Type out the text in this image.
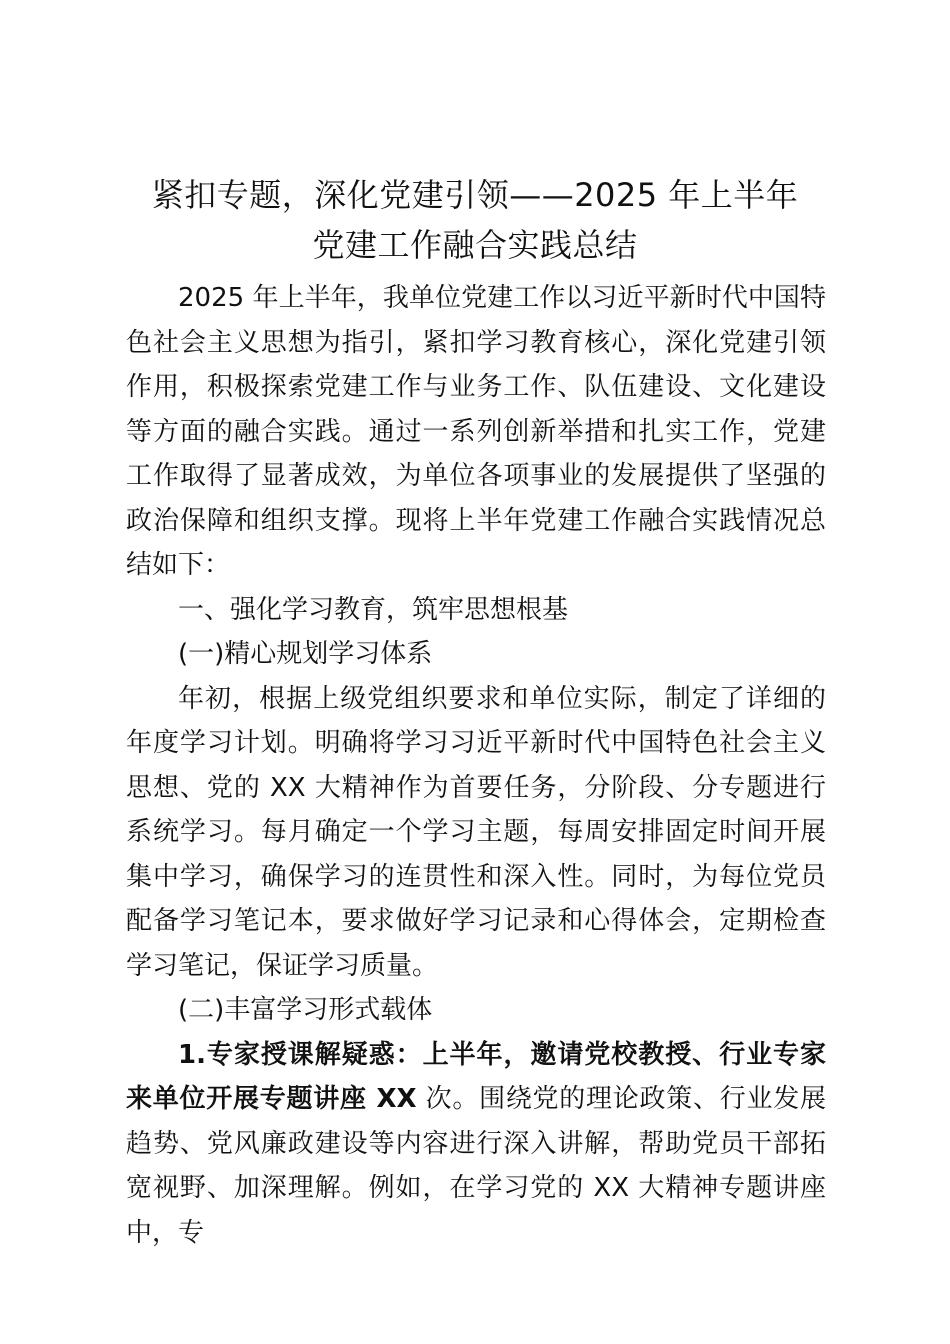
紧扣专题，深化党建引领——2025 年上半年
党建工作融合实践总结

2025 年上半年，我单位党建工作以习近平新时代中国特色社会主义思想为指引，紧扣学习教育核心，深化党建引领作用，积极探索党建工作与业务工作、队伍建设、文化建设等方面的融合实践。通过一系列创新举措和扎实工作，党建工作取得了显著成效，为单位各项事业的发展提供了坚强的政治保障和组织支撑。现将上半年党建工作融合实践情况总结如下：

一、强化学习教育，筑牢思想根基

(一)精心规划学习体系

年初，根据上级党组织要求和单位实际，制定了详细的年度学习计划。明确将学习习近平新时代中国特色社会主义思想、党的 XX 大精神作为首要任务，分阶段、分专题进行系统学习。每月确定一个学习主题，每周安排固定时间开展集中学习，确保学习的连贯性和深入性。同时，为每位党员配备学习笔记本，要求做好学习记录和心得体会，定期检查学习笔记，保证学习质量。

(二)丰富学习形式载体

1.专家授课解疑惑：上半年，邀请党校教授、行业专家来单位开展专题讲座 XX 次。围绕党的理论政策、行业发展趋势、党风廉政建设等内容进行深入讲解，帮助党员干部拓宽视野、加深理解。例如，在学习党的 XX 大精神专题讲座中，专
